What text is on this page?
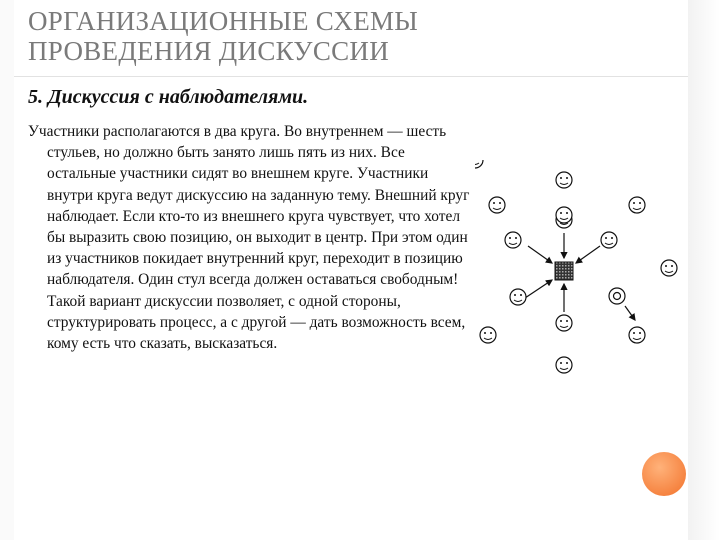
ОРГАНИЗАЦИОННЫЕ СХЕМЫ
ПРОВЕДЕНИЯ ДИСКУССИИ
5. Дискуссия с наблюдателями.
Участники располагаются в два круга. Во внутреннем — шесть стульев, но должно быть занято лишь пять из них. Все остальные участники сидят во внешнем круге. Участники внутри круга ведут дискуссию на заданную тему. Внешний круг наблюдает. Если кто-то из внешнего круга чувствует, что хотел бы выразить свою позицию, он выходит в центр. При этом один из участников покидает внутренний круг, переходит в позицию наблюдателя. Один стул всегда должен оставаться свободным! Такой вариант дискуссии позволяет, с одной стороны, структурировать процесс, а с другой — дать возможность всем, кому есть что сказать, высказаться.
